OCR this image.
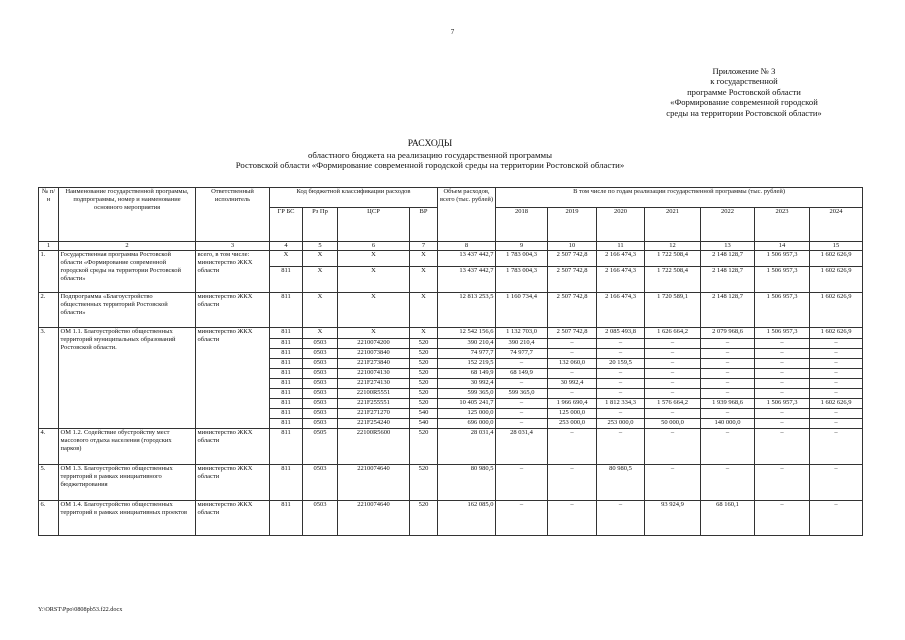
7
Приложение № 3
к государственной
программе Ростовской области
«Формирование современной городской
среды на территории Ростовской области»
РАСХОДЫ
областного бюджета на реализацию государственной программы
Ростовской области «Формирование современной городской среды на территории Ростовской области»
№ п/н	Наименование государственной программы, подпрограммы, номер и наименование основного мероприятия	Ответственный исполнитель	Код бюджетной классификации расходов				Объем расходов, всего (тыс. рублей)	В том числе по годам реализации государственной программы (тыс. рублей)						
			ГР БС	Рз Пр	ЦСР	ВР		2018	2019	2020	2021	2022	2023	2024
1	2	3	4	5	6	7	8	9	10	11	12	13	14	15
1.	Государственная программа Ростовской области «Формирование современной городской среды на территории Ростовской области»	всего, в том числе: министерство ЖКХ области	X	X	X	X	13 437 442,7	1 783 004,3	2 507 742,8	2 166 474,3	1 722 508,4	2 148 128,7	1 506 957,3	1 602 626,9
			811	X	X	X	13 437 442,7	1 783 004,3	2 507 742,8	2 166 474,3	1 722 508,4	2 148 128,7	1 506 957,3	1 602 626,9
2.	Подпрограмма «Благоустройство общественных территорий Ростовской области»	министерство ЖКХ области	811	X	X	X	12 813 253,5	1 160 734,4	2 507 742,8	2 166 474,3	1 720 589,1	2 148 128,7	1 506 957,3	1 602 626,9
3.	ОМ 1.1. Благоустройство общественных территорий муниципальных образований Ростовской области.	министерство ЖКХ области	811	X	X	X	12 542 156,6	1 132 703,0	2 507 742,8	2 085 493,8	1 626 664,2	2 079 968,6	1 506 957,3	1 602 626,9
			811	0503	2210074200	520	390 210,4	390 210,4	–	–	–	–	–	–
			811	0503	2210073840	520	74 977,7	74 977,7	–	–	–	–	–	–
			811	0503	221F273840	520	152 219,5	–	132 060,0	20 159,5	–	–	–	–
			811	0503	2210074130	520	68 149,9	68 149,9	–	–	–	–	–	–
			811	0503	221F274130	520	30 992,4	–	30 992,4	–	–	–	–	–
			811	0503	22100R5551	520	599 365,0	599 365,0	–	–	–	–	–	–
			811	0503	221F255551	520	10 405 241,7	–	1 966 690,4	1 812 334,3	1 576 664,2	1 939 968,6	1 506 957,3	1 602 626,9
			811	0503	221F271270	540	125 000,0	–	125 000,0	–	–	–	–	–
			811	0503	221F254240	540	696 000,0	–	253 000,0	253 000,0	50 000,0	140 000,0	–	–
4.	ОМ 1.2. Содействие обустройству мест массового отдыха населения (городских парков)	министерство ЖКХ области	811	0505	22100R5600	520	28 031,4	28 031,4	–	–	–	–	–	–
5.	ОМ 1.3. Благоустройство общественных территорий в рамках инициативного бюджетирования	министерство ЖКХ области	811	0503	2210074640	520	80 980,5	–	–	80 980,5	–	–	–	–
6.	ОМ 1.4. Благоустройство общественных территорий в рамках инициативных проектов	министерство ЖКХ области	811	0503	2210074640	520	162 085,0	–	–	–	93 924,9	68 160,1	–	–
Y:\ORST\Ppo\0808pb53.f22.docx
